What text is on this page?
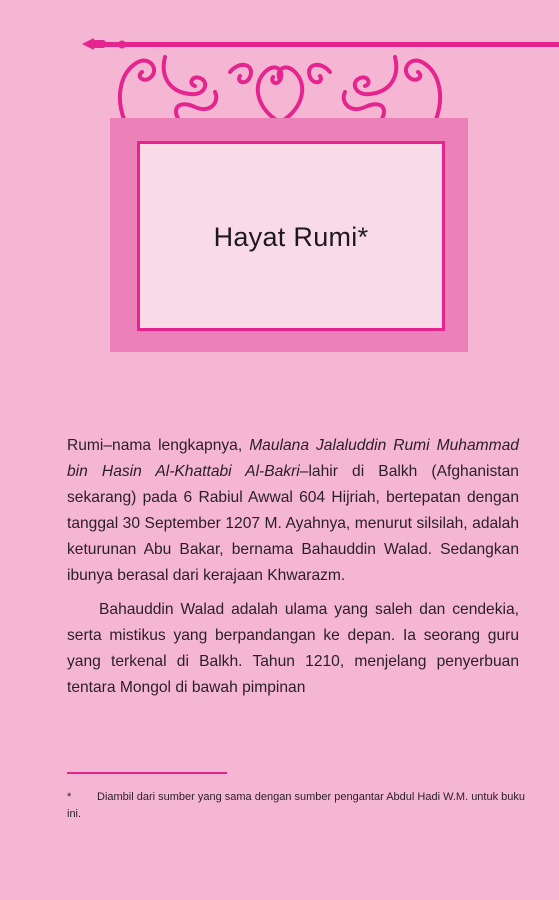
Hayat Rumi*

Rumi–nama lengkapnya, Maulana Jalaluddin Rumi Muhammad bin Hasin Al-Khattabi Al-Bakri–lahir di Balkh (Afghanistan sekarang) pada 6 Rabiul Awwal 604 Hijriah, bertepatan dengan tanggal 30 September 1207 M. Ayahnya, menurut silsilah, adalah keturunan Abu Bakar, bernama Bahauddin Walad. Sedangkan ibunya berasal dari kerajaan Khwarazm.

Bahauddin Walad adalah ulama yang saleh dan cendekia, serta mistikus yang berpandangan ke depan. Ia seorang guru yang terkenal di Balkh. Tahun 1210, menjelang penyerbuan tentara Mongol di bawah pimpinan

* Diambil dari sumber yang sama dengan sumber pengantar Abdul Hadi W.M. untuk buku ini.
